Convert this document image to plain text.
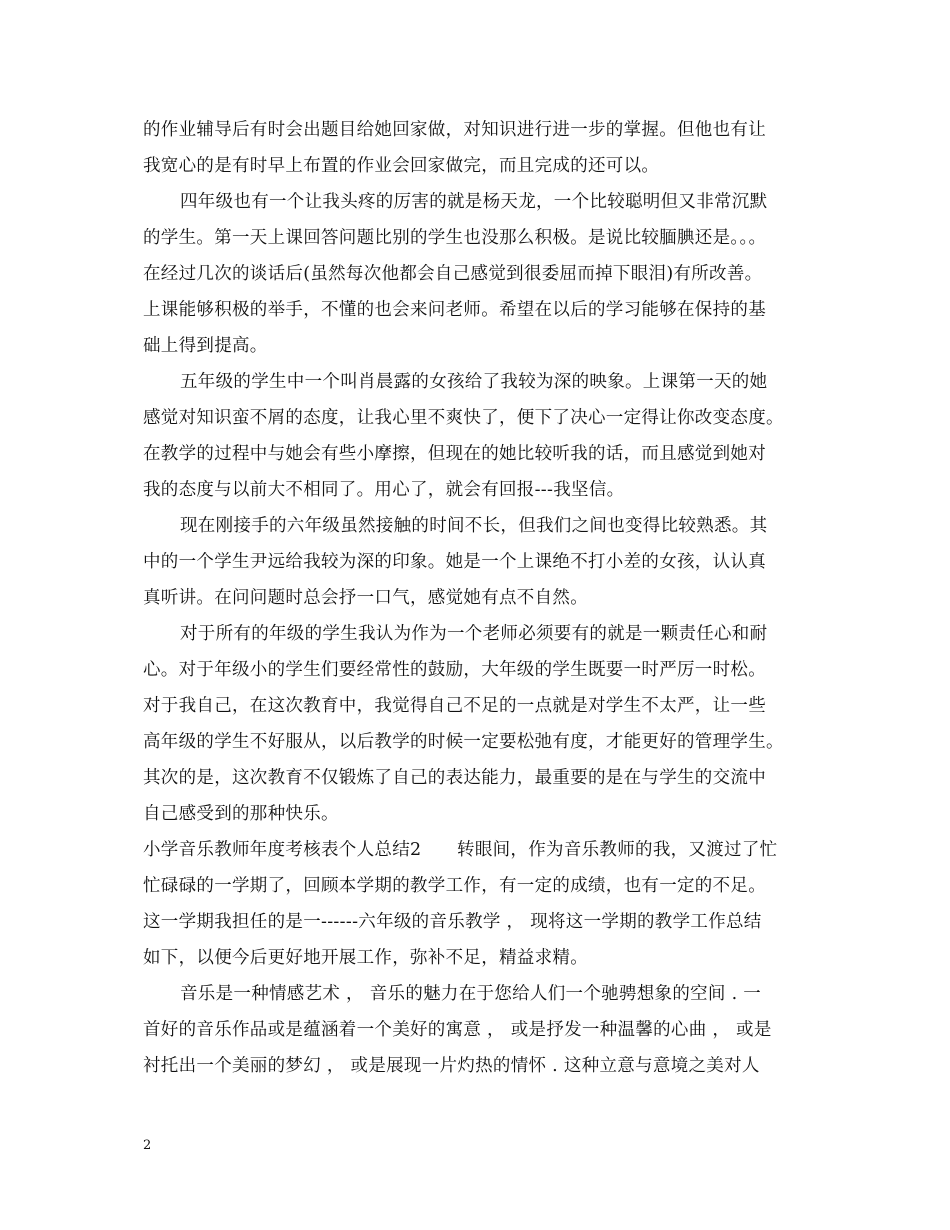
的作业辅导后有时会出题目给她回家做，对知识进行进一步的掌握。但他也有让
我宽心的是有时早上布置的作业会回家做完，而且完成的还可以。
四年级也有一个让我头疼的厉害的就是杨天龙，一个比较聪明但又非常沉默
的学生。第一天上课回答问题比别的学生也没那么积极。是说比较腼腆还是。。。
在经过几次的谈话后(虽然每次他都会自己感觉到很委屈而掉下眼泪)有所改善。
上课能够积极的举手，不懂的也会来问老师。希望在以后的学习能够在保持的基
础上得到提高。
五年级的学生中一个叫肖晨露的女孩给了我较为深的映象。上课第一天的她
感觉对知识蛮不屑的态度，让我心里不爽快了，便下了决心一定得让你改变态度。
在教学的过程中与她会有些小摩擦，但现在的她比较听我的话，而且感觉到她对
我的态度与以前大不相同了。用心了，就会有回报---我坚信。
现在刚接手的六年级虽然接触的时间不长，但我们之间也变得比较熟悉。其
中的一个学生尹远给我较为深的印象。她是一个上课绝不打小差的女孩，认认真
真听讲。在问问题时总会抒一口气，感觉她有点不自然。
对于所有的年级的学生我认为作为一个老师必须要有的就是一颗责任心和耐
心。对于年级小的学生们要经常性的鼓励，大年级的学生既要一时严厉一时松。
对于我自己，在这次教育中，我觉得自己不足的一点就是对学生不太严，让一些
高年级的学生不好服从，以后教学的时候一定要松弛有度，才能更好的管理学生。
其次的是，这次教育不仅锻炼了自己的表达能力，最重要的是在与学生的交流中
自己感受到的那种快乐。
小学音乐教师年度考核表个人总结2　　转眼间，作为音乐教师的我，又渡过了忙
忙碌碌的一学期了，回顾本学期的教学工作，有一定的成绩，也有一定的不足。
这一学期我担任的是一------六年级的音乐教学 ， 现将这一学期的教学工作总结
如下，以便今后更好地开展工作，弥补不足，精益求精。
音乐是一种情感艺术 ， 音乐的魅力在于您给人们一个驰骋想象的空间 . 一
首好的音乐作品或是蕴涵着一个美好的寓意 ， 或是抒发一种温馨的心曲 ， 或是
衬托出一个美丽的梦幻 ， 或是展现一片灼热的情怀 . 这种立意与意境之美对人
2
